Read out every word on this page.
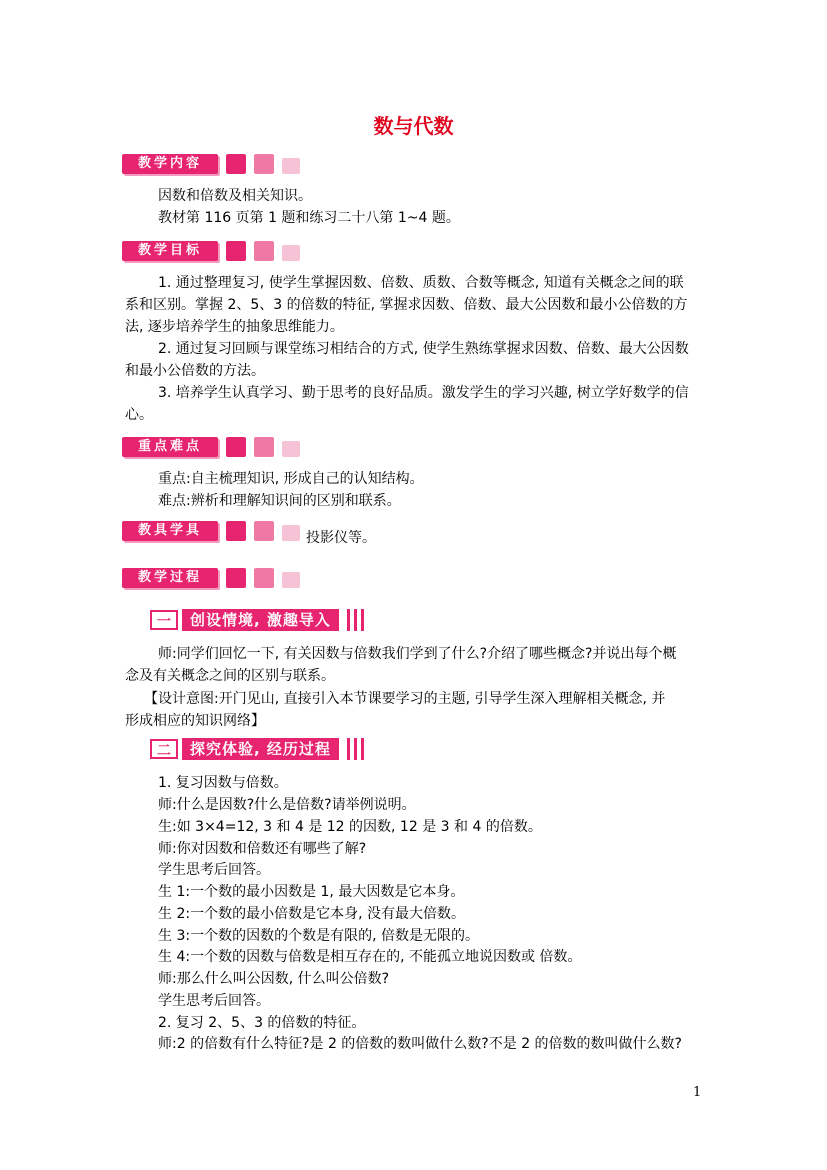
数与代数
教学内容
因数和倍数及相关知识。
教材第 116 页第 1 题和练习二十八第 1~4 题。
教学目标
1. 通过整理复习, 使学生掌握因数、倍数、质数、合数等概念, 知道有关概念之间的联
系和区别。掌握 2、5、3 的倍数的特征, 掌握求因数、倍数、最大公因数和最小公倍数的方
法, 逐步培养学生的抽象思维能力。
2. 通过复习回顾与课堂练习相结合的方式, 使学生熟练掌握求因数、倍数、最大公因数
和最小公倍数的方法。
3. 培养学生认真学习、勤于思考的良好品质。激发学生的学习兴趣, 树立学好数学的信
心。
重点难点
重点:自主梳理知识, 形成自己的认知结构。
难点:辨析和理解知识间的区别和联系。
教具学具	投影仪等。
教学过程
一	创设情境, 激趣导入
师:同学们回忆一下, 有关因数与倍数我们学到了什么?介绍了哪些概念?并说出每个概
念及有关概念之间的区别与联系。
【设计意图:开门见山, 直接引入本节课要学习的主题, 引导学生深入理解相关概念, 并
形成相应的知识网络】
二	探究体验, 经历过程
1. 复习因数与倍数。
师:什么是因数?什么是倍数?请举例说明。
生:如 3×4=12, 3 和 4 是 12 的因数, 12 是 3 和 4 的倍数。
师:你对因数和倍数还有哪些了解?
学生思考后回答。
生 1:一个数的最小因数是 1, 最大因数是它本身。
生 2:一个数的最小倍数是它本身, 没有最大倍数。
生 3:一个数的因数的个数是有限的, 倍数是无限的。
生 4:一个数的因数与倍数是相互存在的, 不能孤立地说因数或 倍数。
师:那么什么叫公因数, 什么叫公倍数?
学生思考后回答。
2. 复习 2、5、3 的倍数的特征。
师:2 的倍数有什么特征?是 2 的倍数的数叫做什么数?不是 2 的倍数的数叫做什么数?
1
